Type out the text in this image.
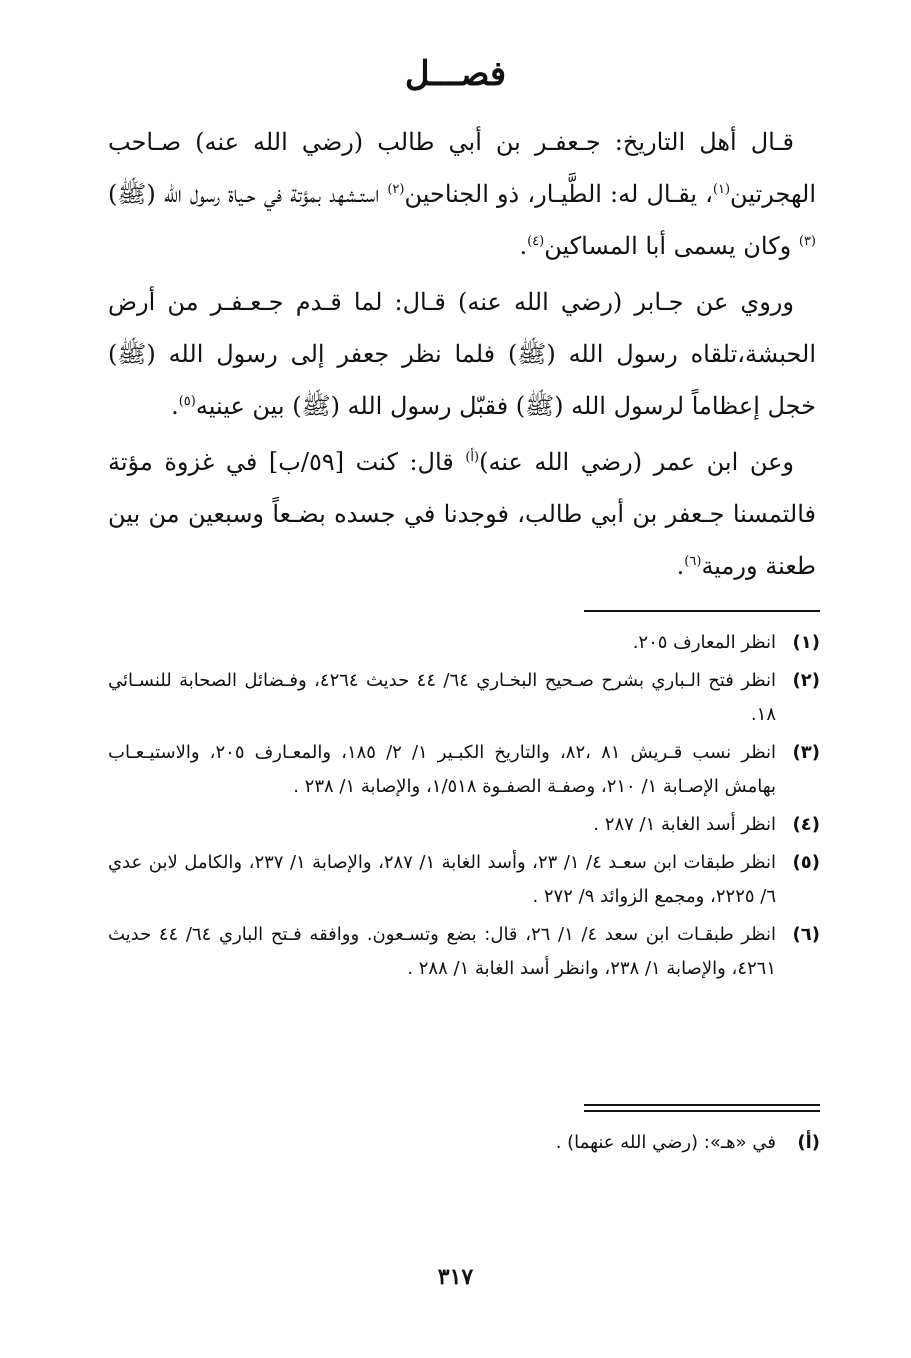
فصـــل

قـال أهل التاريخ: جـعفـر بن أبي طالب (رضي الله عنه) صـاحب الهجرتين$^{(١)}$، يقـال له: الطَّيـار، ذو الجناحين$^{(٢)}$ استـشهد بمؤتة في حـياة رسول الله (ﷺ)$^{(٣)}$ وكان يسمى أبا المساكين$^{(٤)}$.

وروي عن جـابر (رضي الله عنه) قـال: لما قـدم جـعـفـر من أرض الحبشة،تلقاه رسول الله (ﷺ) فلما نظر جعفر إلى رسول الله (ﷺ) خجل إعظاماً لرسول الله (ﷺ) فقبّل رسول الله (ﷺ) بين عينيه$^{(٥)}$.

وعن ابن عمر (رضي الله عنه)$^{(أ)}$ قال: كنت [٥٩/ب] في غزوة مؤتة فالتمسنا جـعفر بن أبي طالب، فوجدنا في جسده بضـعاً وسبعين من بين طعنة ورمية$^{(٦)}$.

(١)
انظر المعارف ٢٠٥.
(٢)
انظر فتح الـباري بشرح صـحيح البخـاري ٦٤/ ٤٤ حديث ٤٢٦٤، وفـضائل الصحابة للنسـائي ١٨.
(٣)
انظر نسب قـريش ٨١ ،٨٢، والتاريخ الكبـير ١/ ٢/ ١٨٥، والمعـارف ٢٠٥، والاستيـعـاب بهامش الإصـابة ١/ ٢١٠، وصفـة الصفـوة ١/٥١٨، والإصابة ١/ ٢٣٨ .
(٤)
انظر أسد الغابة ١/ ٢٨٧ .
(٥)
انظر طبقات ابن سعـد ٤/ ١/ ٢٣، وأسد الغابة ١/ ٢٨٧، والإصابة ١/ ٢٣٧، والكامل لابن عدي ٦/ ٢٢٢٥، ومجمع الزوائد ٩/ ٢٧٢ .
(٦)
انظر طبقـات ابن سعد ٤/ ١/ ٢٦، قال: بضع وتسـعون. ووافقه فـتح الباري ٦٤/ ٤٤ حديث ٤٢٦١، والإصابة ١/ ٢٣٨، وانظر أسد الغابة ١/ ٢٨٨ .
(أ)
في «هـ»: (رضي الله عنهما) .
٣١٧
